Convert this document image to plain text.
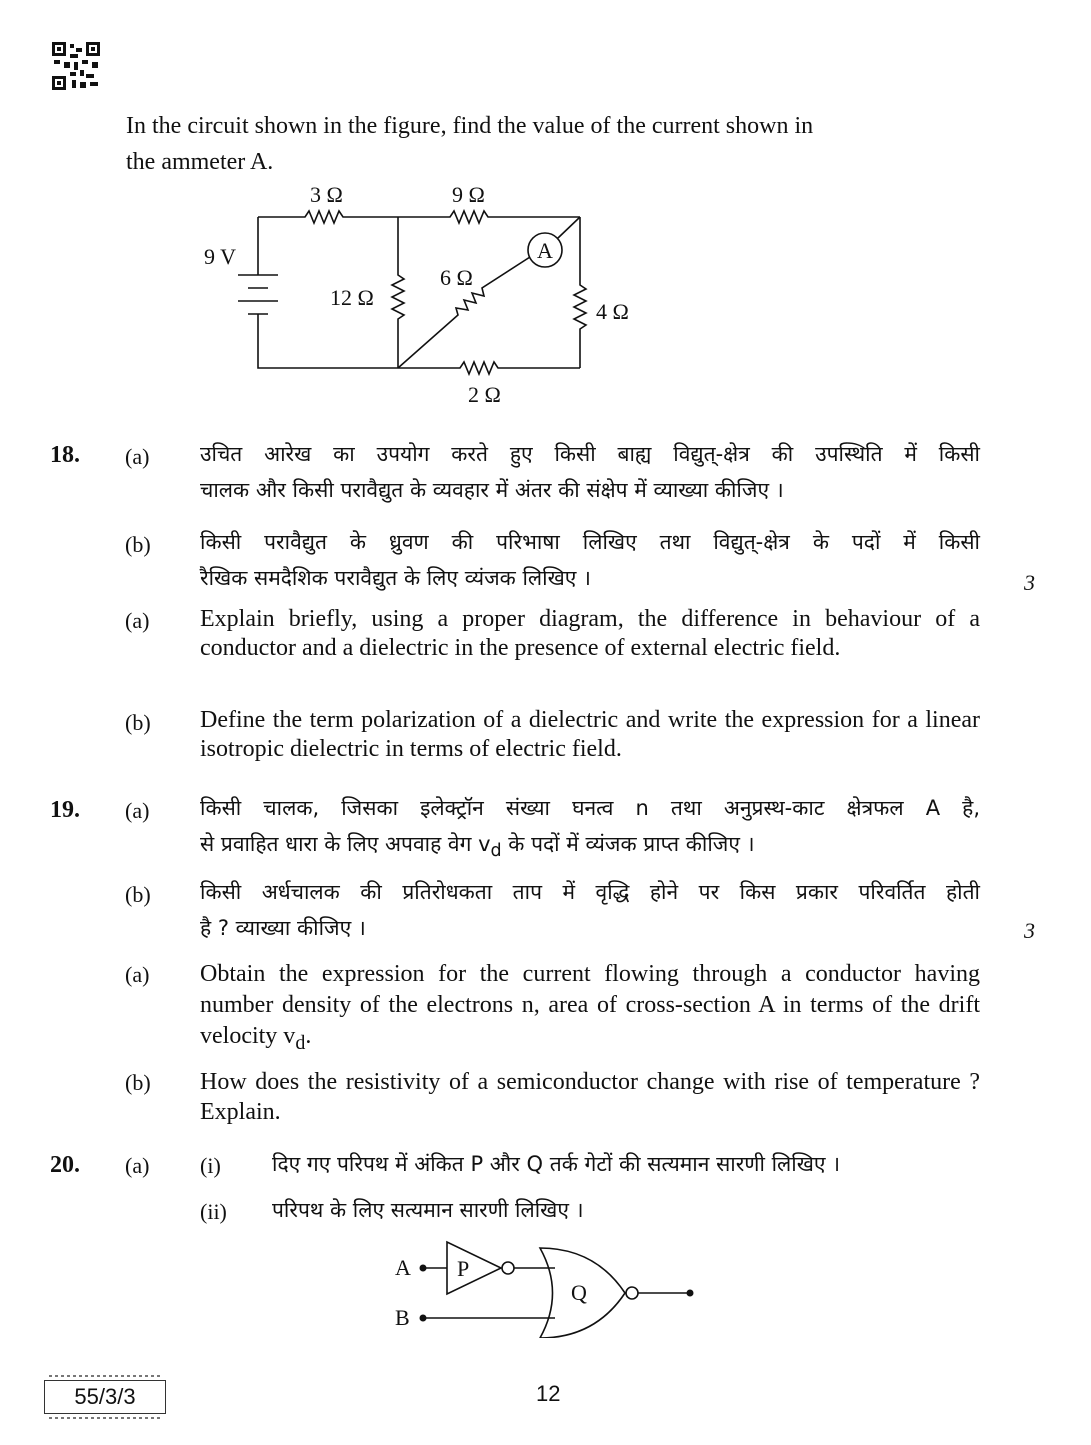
In the circuit shown in the figure, find the value of the current shown in
the ammeter A.
9 V
3 Ω	9 Ω
12 Ω
6 Ω
4 Ω
2 Ω
A
18. (a) उचित आरेख का उपयोग करते हुए किसी बाह्य विद्युत्-क्षेत्र की उपस्थिति में किसी
चालक और किसी परावैद्युत के व्यवहार में अंतर की संक्षेप में व्याख्या कीजिए ।
(b) किसी परावैद्युत के ध्रुवण की परिभाषा लिखिए तथा विद्युत्-क्षेत्र के पदों में किसी
रैखिक समदैशिक परावैद्युत के लिए व्यंजक लिखिए ।	3
(a) Explain briefly, using a proper diagram, the difference in behaviour of a conductor and a dielectric in the presence of external electric field.
(b) Define the term polarization of a dielectric and write the expression for a linear isotropic dielectric in terms of electric field.
19. (a) किसी चालक, जिसका इलेक्ट्रॉन संख्या घनत्व n तथा अनुप्रस्थ-काट क्षेत्रफल A है,
से प्रवाहित धारा के लिए अपवाह वेग $v_d$ के पदों में व्यंजक प्राप्त कीजिए ।
(b) किसी अर्धचालक की प्रतिरोधकता ताप में वृद्धि होने पर किस प्रकार परिवर्तित होती
है ? व्याख्या कीजिए ।	3
(a) Obtain the expression for the current flowing through a conductor having number density of the electrons n, area of cross-section A in terms of the drift velocity $v_d$.
(b) How does the resistivity of a semiconductor change with rise of temperature ? Explain.
20. (a) (i) दिए गए परिपथ में अंकित P और Q तर्क गेटों की सत्यमान सारणी लिखिए ।
(ii) परिपथ के लिए सत्यमान सारणी लिखिए ।
A
B
P
Q
55/3/3	12
